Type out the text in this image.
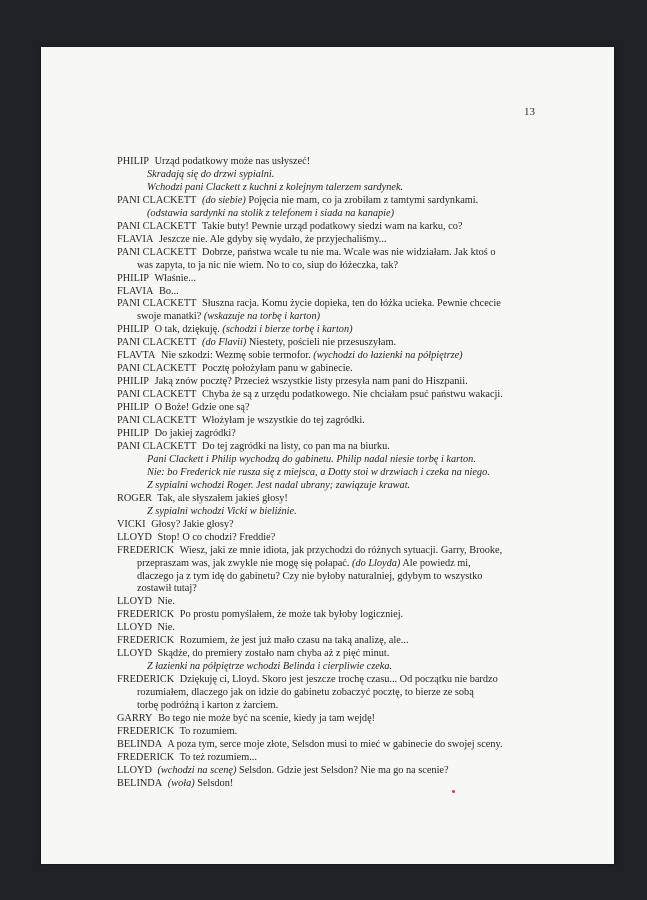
13
PHILIP Urząd podatkowy może nas usłyszeć!
Skradają się do drzwi sypialni.
Wchodzi pani Clackett z kuchni z kolejnym talerzem sardynek.
PANI CLACKETT (do siebie) Pojęcia nie mam, co ja zrobiłam z tamtymi sardynkami.
(odstawia sardynki na stolik z telefonem i siada na kanapie)
PANI CLACKETT Takie buty! Pewnie urząd podatkowy siedzi wam na karku, co?
FLAVIA Jeszcze nie. Ale gdyby się wydało, że przyjechaliśmy...
PANI CLACKETT Dobrze, państwa wcale tu nie ma. Wcale was nie widziałam. Jak ktoś o
was zapyta, to ja nic nie wiem. No to co, siup do łóżeczka, tak?
PHILIP Właśnie...
FLAVIA Bo...
PANI CLACKETT Słuszna racja. Komu życie dopieka, ten do łóżka ucieka. Pewnie chcecie
swoje manatki? (wskazuje na torbę i karton)
PHILIP O tak, dziękuję. (schodzi i bierze torbę i karton)
PANI CLACKETT (do Flavii) Niestety, pościeli nie przesuszyłam.
FLAVTA Nie szkodzi: Wezmę sobie termofor. (wychodzi do łazienki na półpiętrze)
PANI CLACKETT Pocztę położyłam panu w gabinecie.
PHILIP Jaką znów pocztę? Przecież wszystkie listy przesyła nam pani do Hiszpanii.
PANI CLACKETT Chyba że są z urzędu podatkowego. Nie chciałam psuć państwu wakacji.
PHILIP O Boże! Gdzie one są?
PANI CLACKETT Włożyłam je wszystkie do tej zagródki.
PHILIP Do jakiej zagródki?
PANI CLACKETT Do tej zagródki na listy, co pan ma na biurku.
Pani Clackett i Philip wychodzą do gabinetu. Philip nadal niesie torbę i karton.
Nie: bo Frederick nie rusza się z miejsca, a Dotty stoi w drzwiach i czeka na niego.
Z sypialni wchodzi Roger. Jest nadal ubrany; zawiązuje krawat.
ROGER Tak, ale słyszałem jakieś głosy!
Z sypialni wchodzi Vicki w bieliźnie.
VICKI Głosy? Jakie głosy?
LLOYD Stop! O co chodzi? Freddie?
FREDERICK Wiesz, jaki ze mnie idiota, jak przychodzi do różnych sytuacji. Garry, Brooke,
przepraszam was, jak zwykle nie mogę się połapać. (do Lloyda) Ale powiedz mi,
dlaczego ja z tym idę do gabinetu? Czy nie byłoby naturalniej, gdybym to wszystko
zostawił tutaj?
LLOYD Nie.
FREDERICK Po prostu pomyślałem, że może tak byłoby logiczniej.
LLOYD Nie.
FREDERICK Rozumiem, że jest już mało czasu na taką analizę, ale...
LLOYD Skądże, do premiery zostało nam chyba aż z pięć minut.
Z łazienki na półpiętrze wchodzi Belinda i cierpliwie czeka.
FREDERICK Dziękuję ci, Lloyd. Skoro jest jeszcze trochę czasu... Od początku nie bardzo
rozumiałem, dlaczego jak on idzie do gabinetu zobaczyć pocztę, to bierze ze sobą
torbę podróżną i karton z żarciem.
GARRY Bo tego nie może być na scenie, kiedy ja tam wejdę!
FREDERICK To rozumiem.
BELINDA A poza tym, serce moje złote, Selsdon musi to mieć w gabinecie do swojej sceny.
FREDERICK To też rozumiem...
LLOYD (wchodzi na scenę) Selsdon. Gdzie jest Selsdon? Nie ma go na scenie?
BELINDA (woła) Selsdon!
